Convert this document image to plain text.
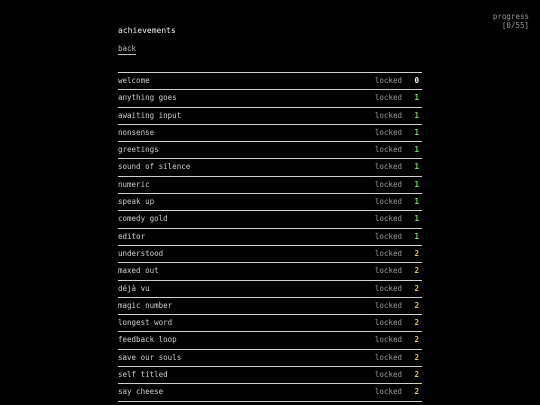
progress
[0/55]
achievements
back
welcome	locked 0
anything goes	locked 1
awaiting input	locked 1
nonsense	locked 1
greetings	locked 1
sound of silence	locked 1
numeric	locked 1
speak up	locked 1
comedy gold	locked 1
editor	locked 1
understood	locked 2
maxed out	locked 2
déjà vu	locked 2
magic number	locked 2
longest word	locked 2
feedback loop	locked 2
save our souls	locked 2
self titled	locked 2
say cheese	locked 2
